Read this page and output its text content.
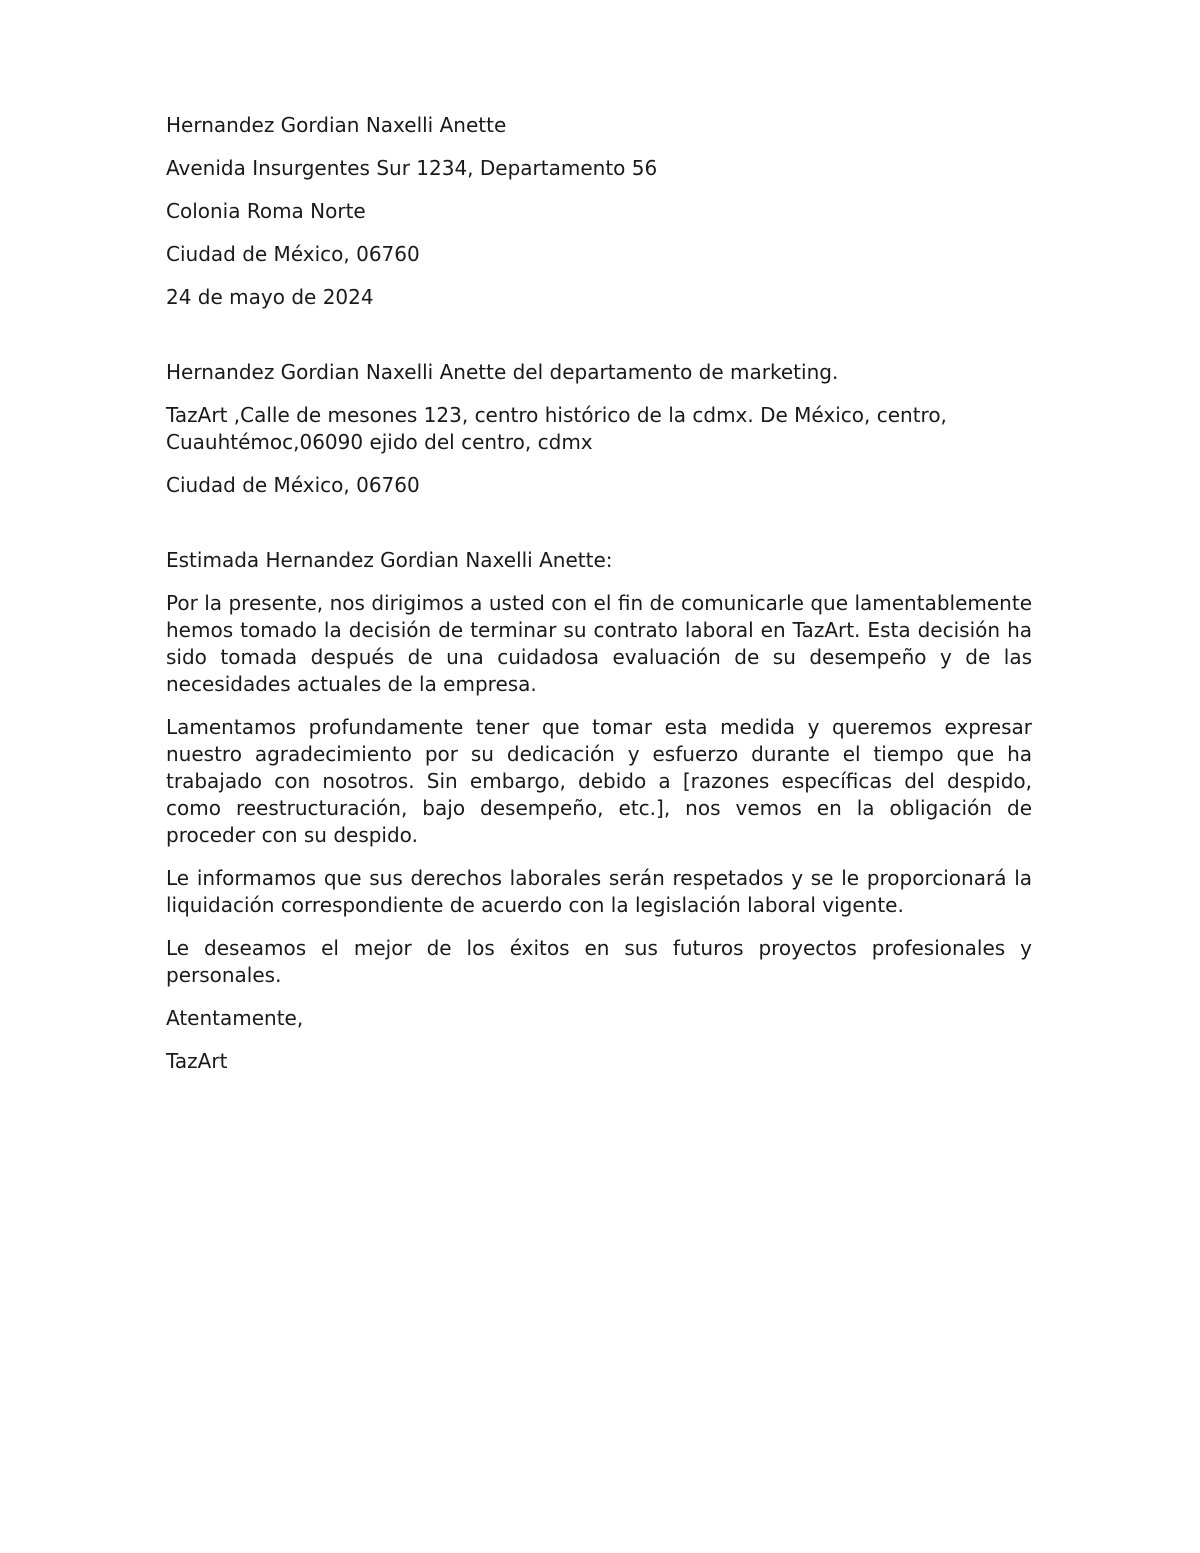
Hernandez Gordian Naxelli Anette

Avenida Insurgentes Sur 1234, Departamento 56

Colonia Roma Norte

Ciudad de México, 06760

24 de mayo de 2024

Hernandez Gordian Naxelli Anette del departamento de marketing.

TazArt ,Calle de mesones 123, centro histórico de la cdmx. De México, centro,
Cuauhtémoc,06090 ejido del centro, cdmx

Ciudad de México, 06760

Estimada Hernandez Gordian Naxelli Anette:

Por la presente, nos dirigimos a usted con el fin de comunicarle que lamentablemente hemos tomado la decisión de terminar su contrato laboral en TazArt. Esta decisión ha sido tomada después de una cuidadosa evaluación de su desempeño y de las necesidades actuales de la empresa.

Lamentamos profundamente tener que tomar esta medida y queremos expresar nuestro agradecimiento por su dedicación y esfuerzo durante el tiempo que ha trabajado con nosotros. Sin embargo, debido a [razones específicas del despido, como reestructuración, bajo desempeño, etc.], nos vemos en la obligación de proceder con su despido.

Le informamos que sus derechos laborales serán respetados y se le proporcionará la liquidación correspondiente de acuerdo con la legislación laboral vigente.

Le deseamos el mejor de los éxitos en sus futuros proyectos profesionales y personales.

Atentamente,

TazArt
